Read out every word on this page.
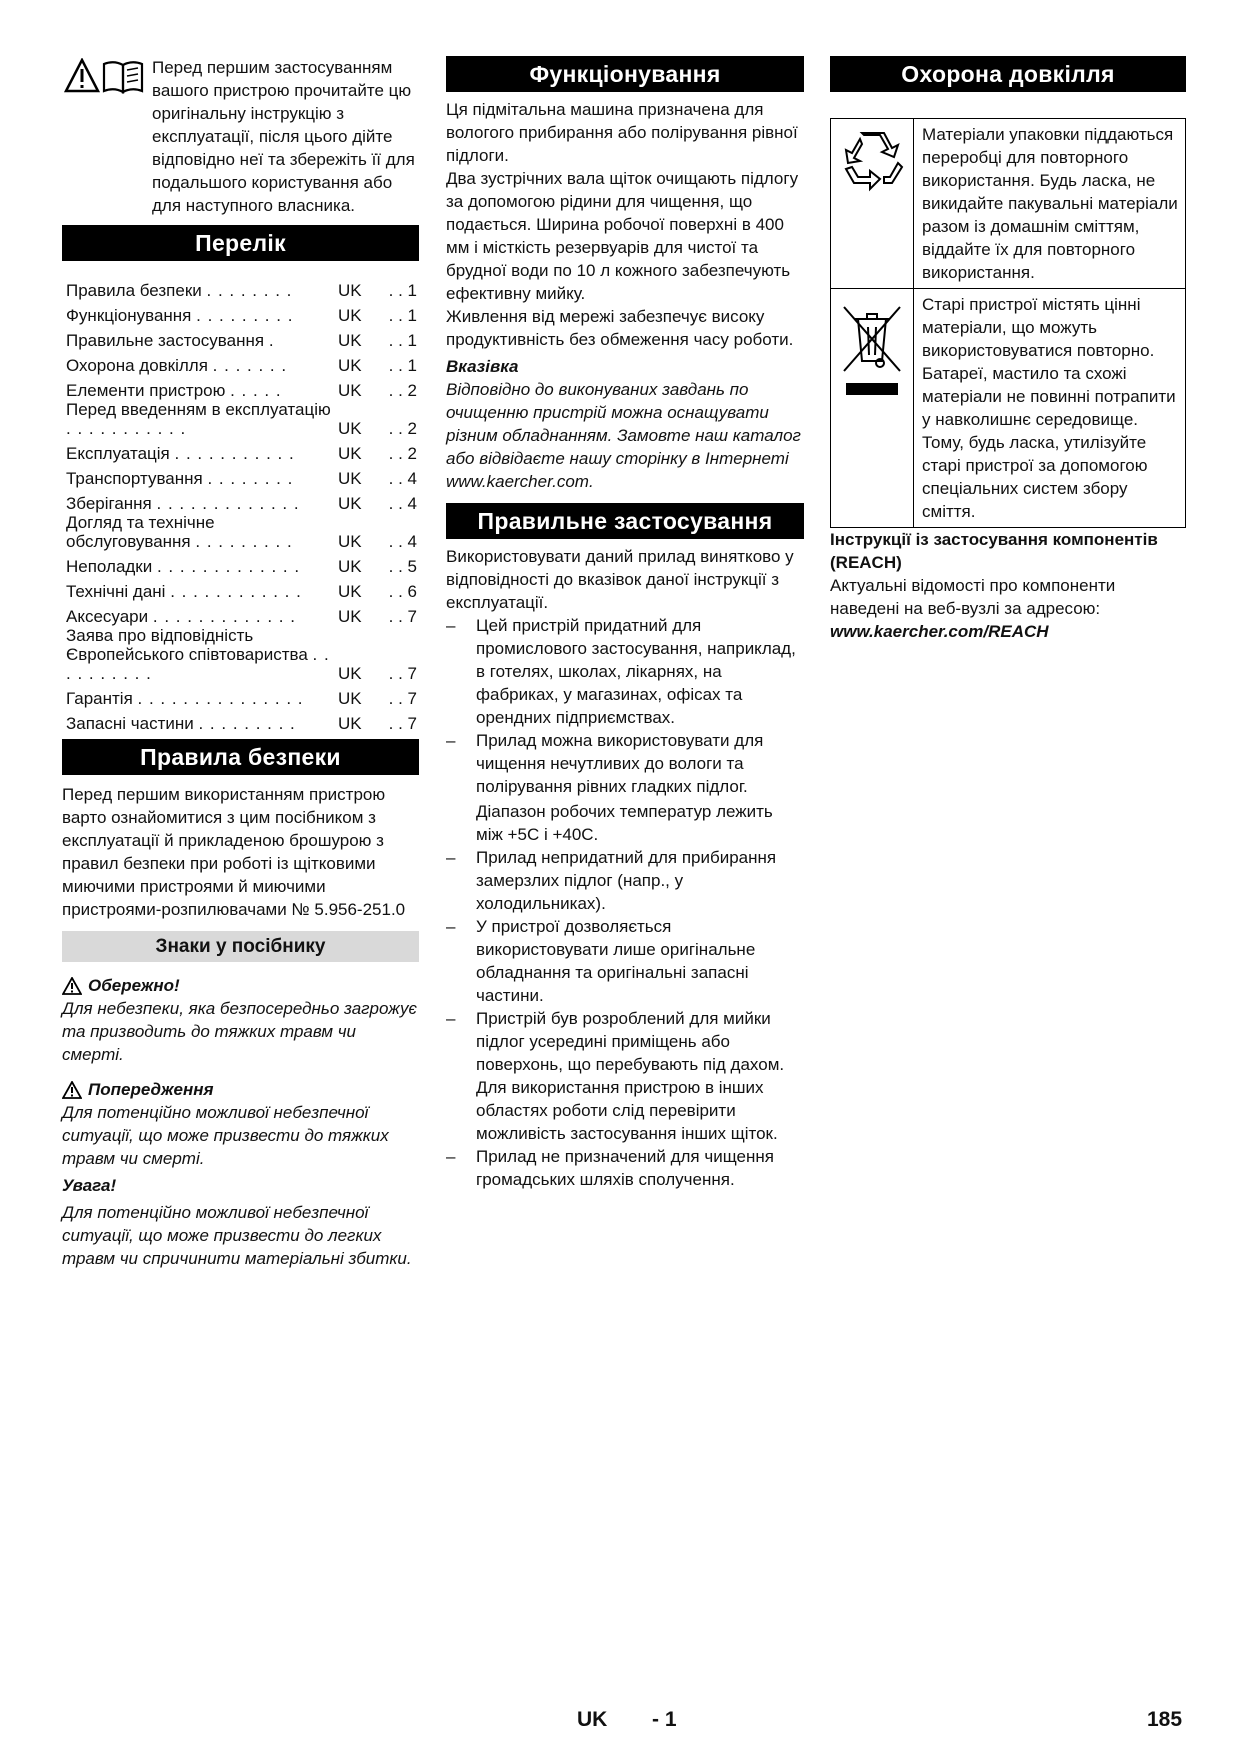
Перед першим застосуванням

вашого пристрою прочитайте цю оригінальну інструкцію з експлуатації, після цього дійте відповідно неї та збережіть її для подальшого користування або для наступного власника.

Перелік
Правила безпеки . . . . . . . .	UK	. . 1
Функціонування . . . . . . . . .	UK	. . 1
Правильне застосування .	UK	. . 1
Охорона довкілля . . . . . . .	UK	. . 1
Елементи пристрою . . . . .	UK	. . 2
Перед введенням в експлуатацію . . . . . . . . . . .	UK	. . 2
Експлуатація . . . . . . . . . . .	UK	. . 2
Транспортування . . . . . . . .	UK	. . 4
Зберігання . . . . . . . . . . . . .	UK	. . 4
Догляд та технічне обслуговування . . . . . . . . .	UK	. . 4
Неполадки . . . . . . . . . . . . .	UK	. . 5
Технічні дані . . . . . . . . . . . .	UK	. . 6
Аксесуари . . . . . . . . . . . . .	UK	. . 7
Заява про відповідність Європейського співтовариства . . . . . . . . . .	UK	. . 7
Гарантія . . . . . . . . . . . . . . .	UK	. . 7
Запасні частини . . . . . . . . .	UK	. . 7
Правила безпеки

Перед першим використанням пристрою варто ознайомитися з цим посібником з експлуатації й прикладеною брошурою з правил безпеки при роботі із щітковими миючими пристроями й миючими пристроями-розпилювачами № 5.956-251.0

Знаки у посібнику
Обережно!

Для небезпеки, яка безпосередньо загрожує та призводить до тяжких травм чи смерті.

Попередження

Для потенційно можливої небезпечної ситуації, що може призвести до тяжких травм чи смерті.

Увага!

Для потенційно можливої небезпечної ситуації, що може призвести до легких травм чи спричинити матеріальні збитки.

Функціонування

Ця підмітальна машина призначена для вологого прибирання або полірування рівної підлоги.

Два зустрічних вала щіток очищають підлогу за допомогою рідини для чищення, що подається. Ширина робочої поверхні в 400 мм і місткість резервуарів для чистої та брудної води по 10 л кожного забезпечують ефективну мийку.

Живлення від мережі забезпечує високу продуктивність без обмеження часу роботи.

Вказівка

Відповідно до виконуваних завдань по очищенню пристрій можна оснащувати різним обладнанням. Замовте наш каталог або відвідаєте нашу сторінку в Інтернеті www.kaercher.com.

Правильне застосування

Використовувати даний прилад винятково у відповідності до вказівок даної інструкції з експлуатації.

– Цей пристрій придатний для промислового застосування, наприклад, в готелях, школах, лікарнях, на фабриках, у магазинах, офісах та орендних підприємствах.
– Прилад можна використовувати для чищення нечутливих до вологи та полірування рівних гладких підлог.

Діапазон робочих температур лежить між +5C і +40C.
– Прилад непридатний для прибирання замерзлих підлог (напр., у холодильниках).
– У пристрої дозволяється використовувати лише оригінальне обладнання та оригінальні запасні частини.
– Пристрій був розроблений для мийки підлог усередині приміщень або поверхонь, що перебувають під дахом. Для використання пристрою в інших областях роботи слід перевірити можливість застосування інших щіток.
– Прилад не призначений для чищення громадських шляхів сполучення.
Охорона довкілля
	Матеріали упаковки піддаються переробці для повторного використання. Будь ласка, не викидайте пакувальні матеріали разом із домашнім сміттям, віддайте їх для повторного використання.
	Старі пристрої містять цінні матеріали, що можуть використовуватися повторно. Батареї, мастило та схожі матеріали не повинні потрапити у навколишнє середовище. Тому, будь ласка, утилізуйте старі пристрої за допомогою спеціальних систем збору сміття.

Інструкції із застосування компонентів (REACH)

Актуальні відомості про компоненти наведені на веб-вузлі за адресою:

www.kaercher.com/REACH

UK - 1	185
